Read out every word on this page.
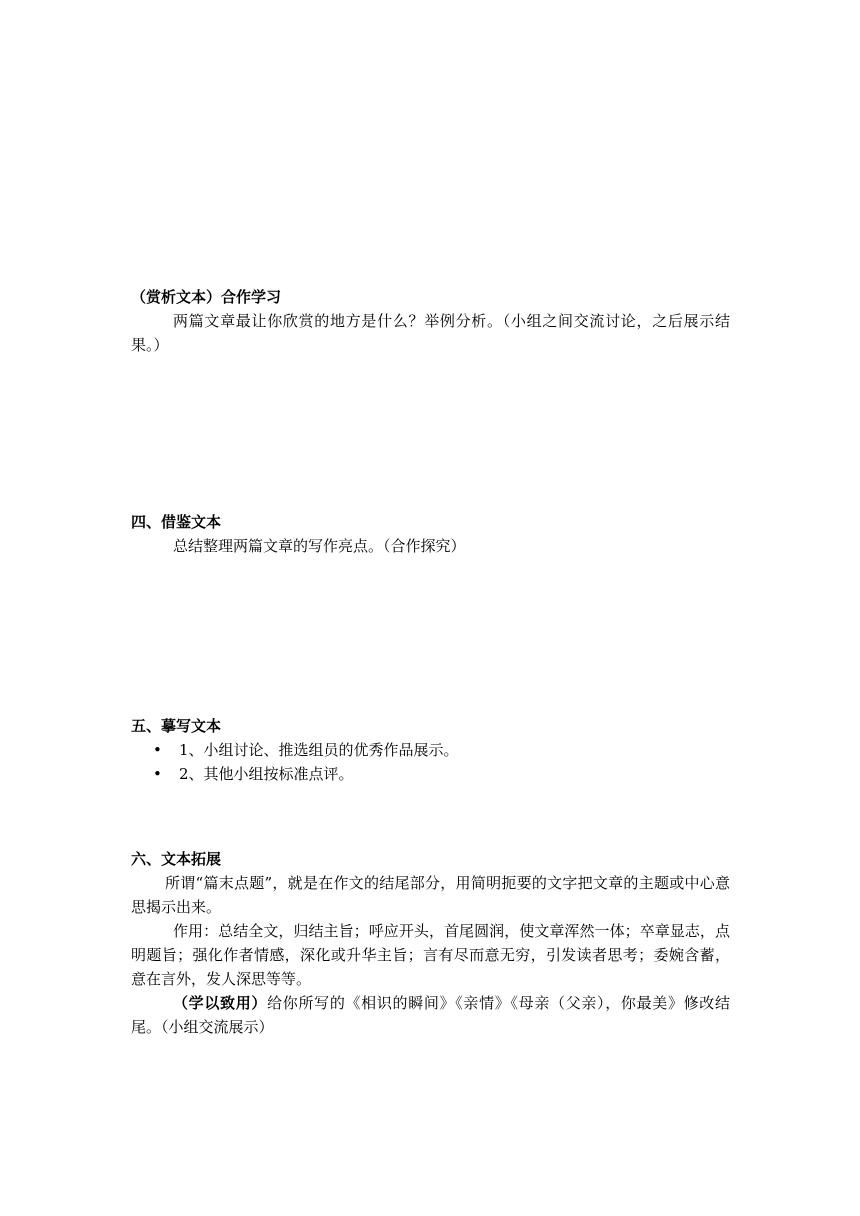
（赏析文本）合作学习
两篇文章最让你欣赏的地方是什么？举例分析。（小组之间交流讨论，之后展示结果。）
四、借鉴文本
总结整理两篇文章的写作亮点。（合作探究）
五、摹写文本
• 1、小组讨论、推选组员的优秀作品展示。
• 2、其他小组按标准点评。
六、文本拓展
所谓“篇末点题”，就是在作文的结尾部分，用简明扼要的文字把文章的主题或中心意思揭示出来。
作用：总结全文，归结主旨；呼应开头，首尾圆润，使文章浑然一体；卒章显志，点明题旨；强化作者情感，深化或升华主旨；言有尽而意无穷，引发读者思考；委婉含蓄，意在言外，发人深思等等。
（学以致用）给你所写的《相识的瞬间》《亲情》《母亲（父亲），你最美》修改结尾。（小组交流展示）
